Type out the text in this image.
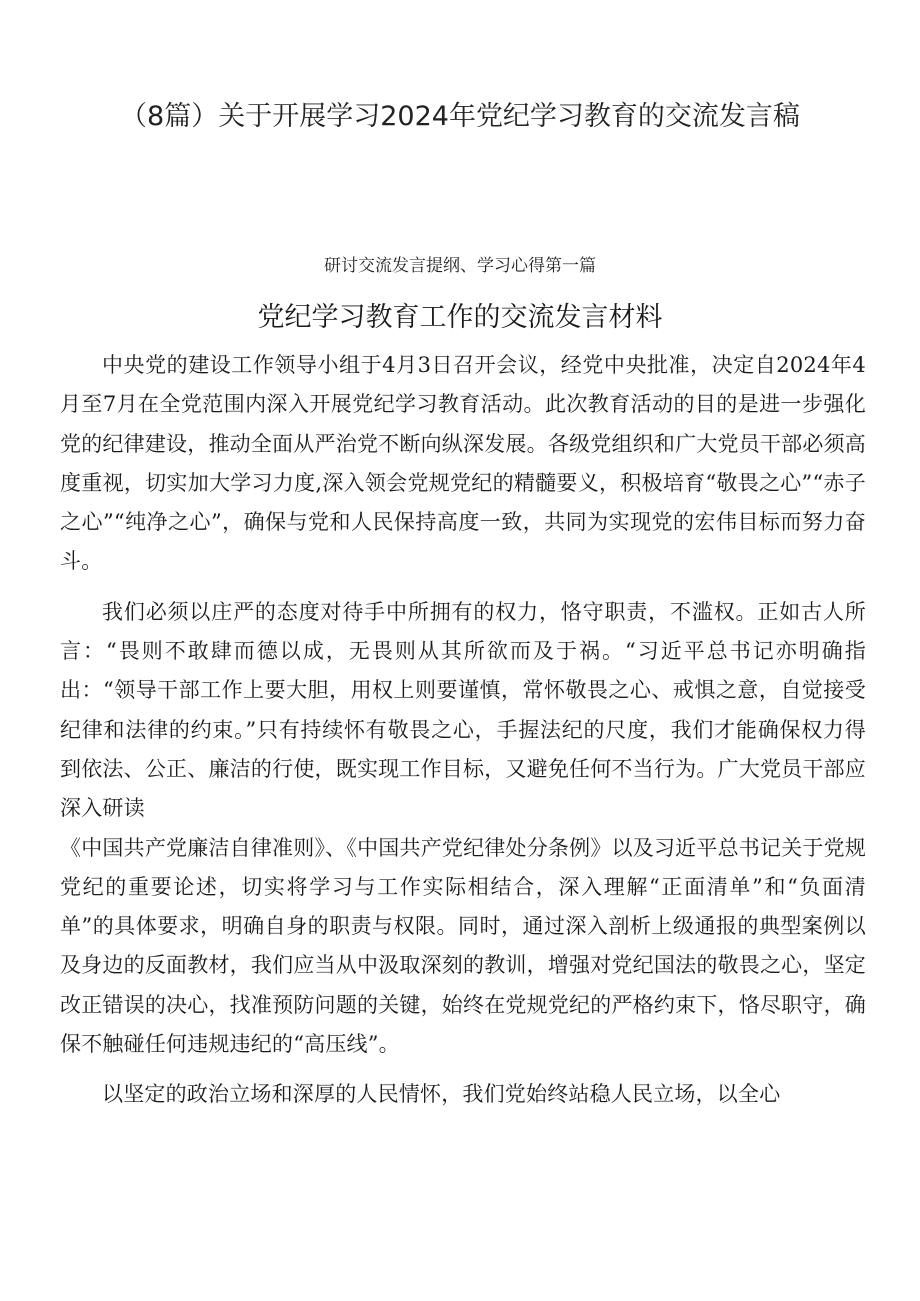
（8篇）关于开展学习2024年党纪学习教育的交流发言稿
研讨交流发言提纲、学习心得第一篇
党纪学习教育工作的交流发言材料

中央党的建设工作领导小组于4月3日召开会议，经党中央批准，决定自2024年4月至7月在全党范围内深入开展党纪学习教育活动。此次教育活动的目的是进一步强化党的纪律建设，推动全面从严治党不断向纵深发展。各级党组织和广大党员干部必须高度重视，切实加大学习力度,深入领会党规党纪的精髓要义，积极培育“敬畏之心”“赤子之心”“纯净之心”，确保与党和人民保持高度一致，共同为实现党的宏伟目标而努力奋斗。

我们必须以庄严的态度对待手中所拥有的权力，恪守职责，不滥权。正如古人所言：“畏则不敢肆而德以成，无畏则从其所欲而及于祸。“习近平总书记亦明确指出：“领导干部工作上要大胆，用权上则要谨慎，常怀敬畏之心、戒惧之意，自觉接受纪律和法律的约束。”只有持续怀有敬畏之心，手握法纪的尺度，我们才能确保权力得到依法、公正、廉洁的行使，既实现工作目标，又避免任何不当行为。广大党员干部应深入研读

《中国共产党廉洁自律准则》、《中国共产党纪律处分条例》以及习近平总书记关于党规党纪的重要论述，切实将学习与工作实际相结合，深入理解“正面清单”和“负面清单”的具体要求，明确自身的职责与权限。同时，通过深入剖析上级通报的典型案例以及身边的反面教材，我们应当从中汲取深刻的教训，增强对党纪国法的敬畏之心，坚定改正错误的决心，找准预防问题的关键，始终在党规党纪的严格约束下，恪尽职守，确保不触碰任何违规违纪的“高压线”。

以坚定的政治立场和深厚的人民情怀，我们党始终站稳人民立场，以全心
